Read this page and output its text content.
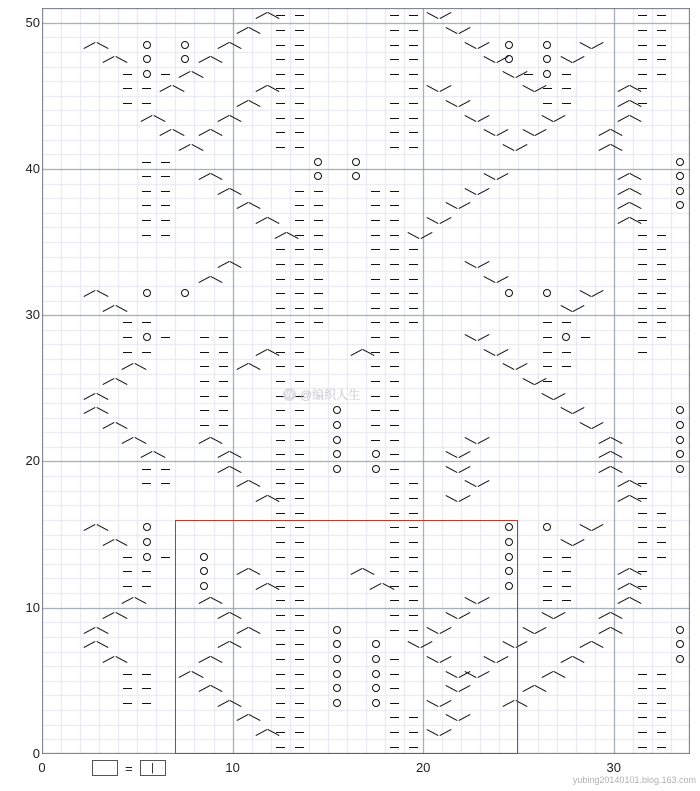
0
10
20
30
40
50
0	10	20	30
= |
W @编织人生
yubing20140101.blog.163.com
